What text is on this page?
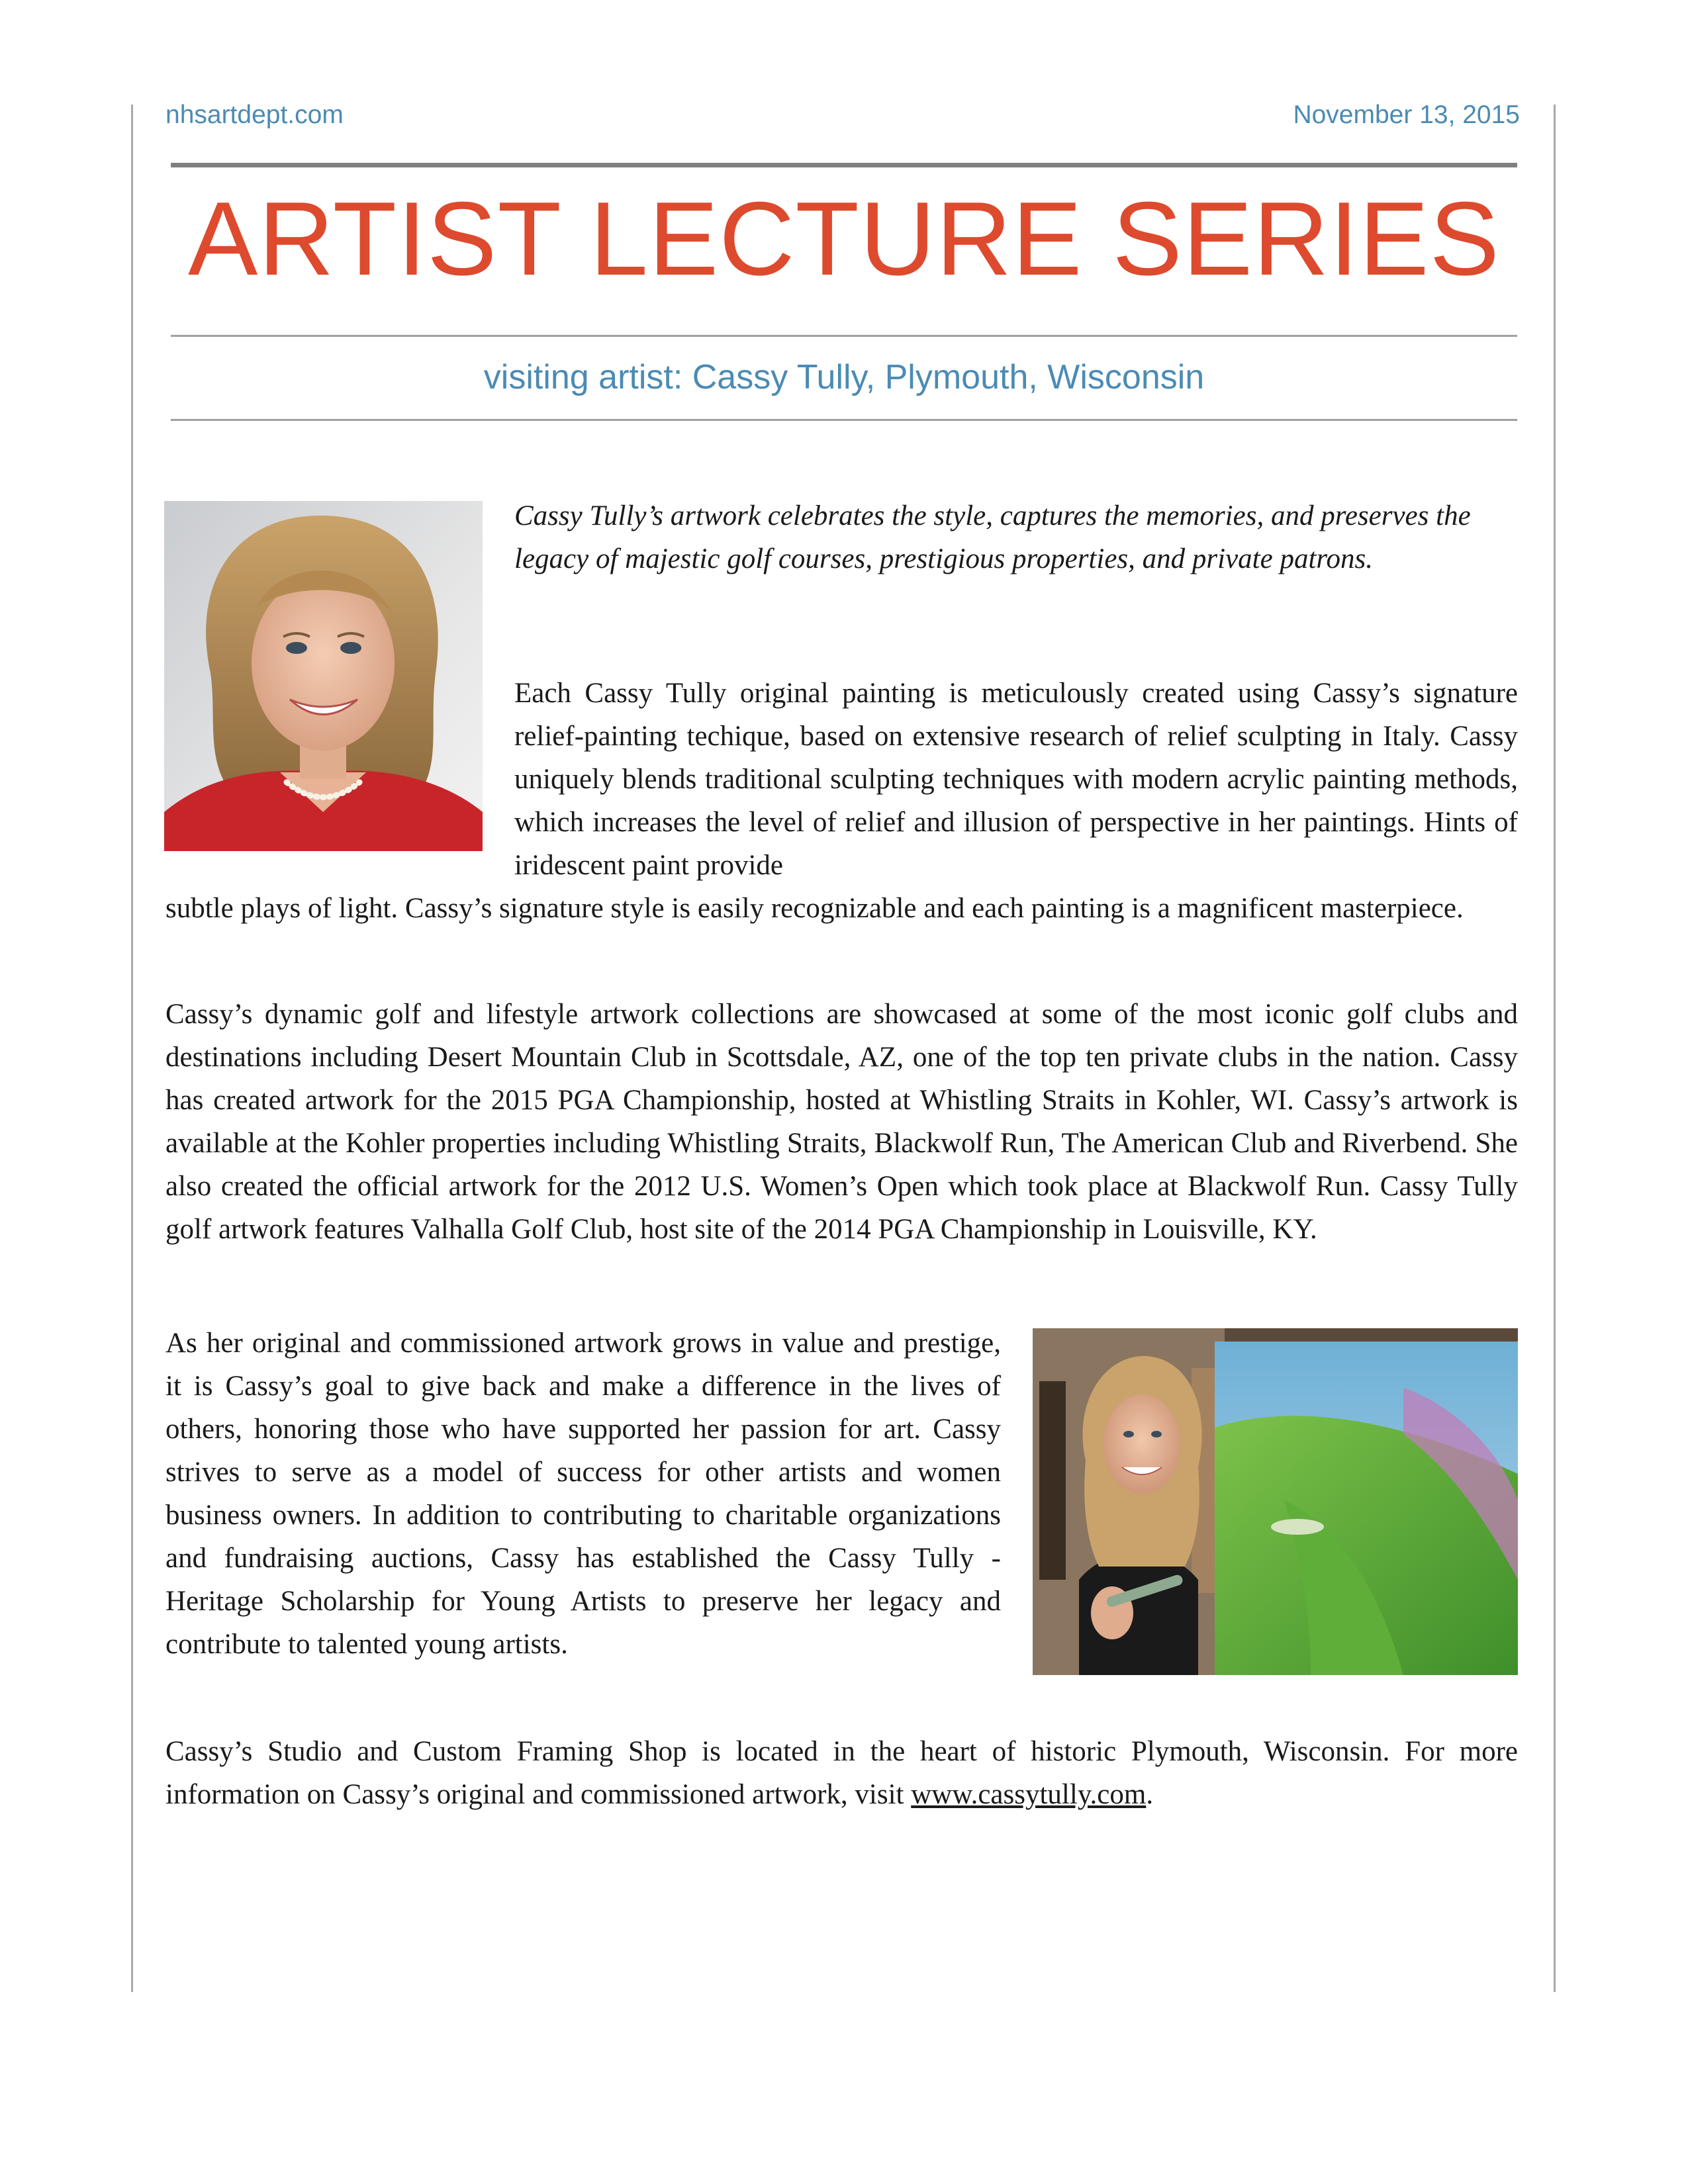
nhsartdept.com	November 13, 2015
ARTIST LECTURE SERIES
visiting artist: Cassy Tully, Plymouth, Wisconsin

Cassy Tully’s artwork celebrates the style, captures the memories, and preserves the legacy of majestic golf courses, prestigious properties, and private patrons.

Each Cassy Tully original painting is meticulously created using Cassy’s signature relief-painting techique, based on extensive research of relief sculpting in Italy. Cassy uniquely blends traditional sculpting techniques with modern acrylic painting methods, which increases the level of relief and illusion of perspective in her paintings. Hints of iridescent paint provide

subtle plays of light. Cassy’s signature style is easily recognizable and each painting is a magnificent masterpiece.

Cassy’s dynamic golf and lifestyle artwork collections are showcased at some of the most iconic golf clubs and destinations including Desert Mountain Club in Scottsdale, AZ, one of the top ten private clubs in the nation. Cassy has created artwork for the 2015 PGA Championship, hosted at Whistling Straits in Kohler, WI. Cassy’s artwork is available at the Kohler properties including Whistling Straits, Blackwolf Run, The American Club and Riverbend. She also created the official artwork for the 2012 U.S. Women’s Open which took place at Blackwolf Run. Cassy Tully golf artwork features Valhalla Golf Club, host site of the 2014 PGA Championship in Louisville, KY.

As her original and commissioned artwork grows in value and prestige, it is Cassy’s goal to give back and make a difference in the lives of others, honoring those who have supported her passion for art. Cassy strives to serve as a model of success for other artists and women business owners. In addition to contributing to charitable organizations and fundraising auctions, Cassy has established the Cassy Tully - Heritage Scholarship for Young Artists to preserve her legacy and contribute to talented young artists.

Cassy’s Studio and Custom Framing Shop is located in the heart of historic Plymouth, Wisconsin. For more information on Cassy’s original and commissioned artwork, visit www.cassytully.com.
